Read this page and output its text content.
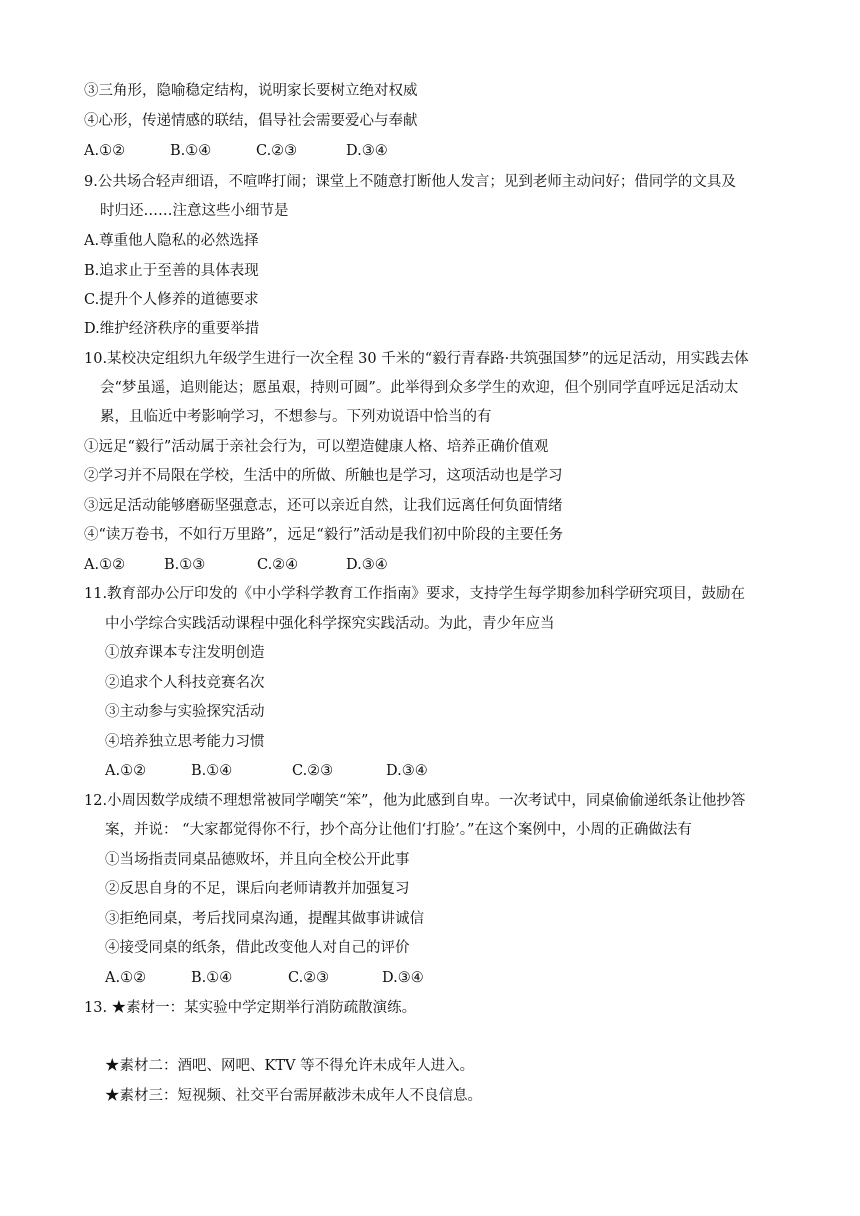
③三角形，隐喻稳定结构，说明家长要树立绝对权威
④心形，传递情感的联结，倡导社会需要爱心与奉献
A.①②	B.①④	C.②③	D.③④
9.公共场合轻声细语，不喧哗打闹；课堂上不随意打断他人发言；见到老师主动问好；借同学的文具及
时归还……注意这些小细节是
A.尊重他人隐私的必然选择
B.追求止于至善的具体表现
C.提升个人修养的道德要求
D.维护经济秩序的重要举措
10.某校决定组织九年级学生进行一次全程 30 千米的“毅行青春路·共筑强国梦”的远足活动，用实践去体
会“梦虽遥，追则能达；愿虽艰，持则可圆”。此举得到众多学生的欢迎，但个别同学直呼远足活动太
累，且临近中考影响学习，不想参与。下列劝说语中恰当的有
①远足“毅行”活动属于亲社会行为，可以塑造健康人格、培养正确价值观
②学习并不局限在学校，生活中的所做、所触也是学习，这项活动也是学习
③远足活动能够磨砺坚强意志，还可以亲近自然，让我们远离任何负面情绪
④“读万卷书，不如行万里路”，远足“毅行”活动是我们初中阶段的主要任务
A.①②	B.①③	C.②④	D.③④
11.教育部办公厅印发的《中小学科学教育工作指南》要求，支持学生每学期参加科学研究项目，鼓励在
中小学综合实践活动课程中强化科学探究实践活动。为此，青少年应当
①放弃课本专注发明创造
②追求个人科技竞赛名次
③主动参与实验探究活动
④培养独立思考能力习惯
A.①②	B.①④	C.②③	D.③④
12.小周因数学成绩不理想常被同学嘲笑“笨”，他为此感到自卑。一次考试中，同桌偷偷递纸条让他抄答
案，并说： “大家都觉得你不行，抄个高分让他们‘打脸’。”在这个案例中，小周的正确做法有
①当场指责同桌品德败坏，并且向全校公开此事
②反思自身的不足，课后向老师请教并加强复习
③拒绝同桌，考后找同桌沟通，提醒其做事讲诚信
④接受同桌的纸条，借此改变他人对自己的评价
A.①②	B.①④	C.②③	D.③④
13. ★素材一：某实验中学定期举行消防疏散演练。
★素材二：酒吧、网吧、KTV 等不得允许未成年人进入。
★素材三：短视频、社交平台需屏蔽涉未成年人不良信息。
